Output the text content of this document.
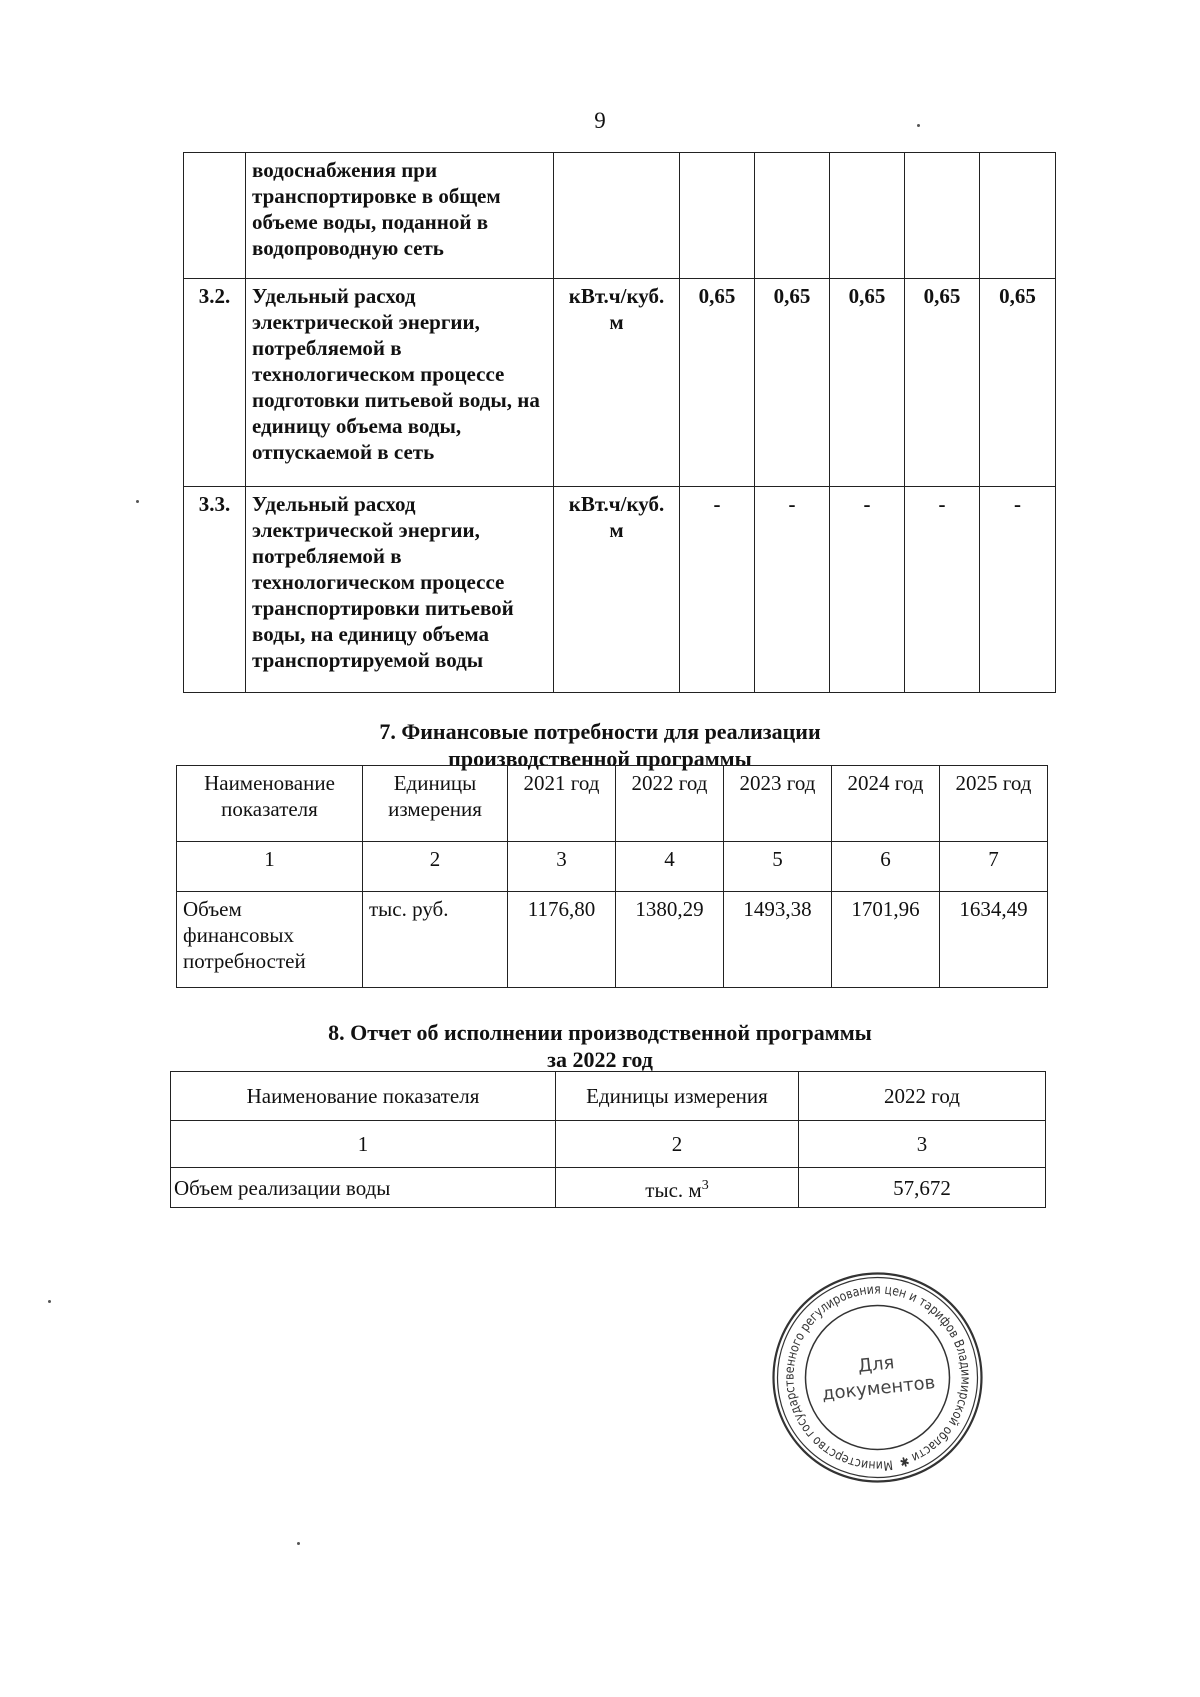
9
	водоснабжения при транспортировке в общем объеме воды, поданной в водопроводную сеть						
3.2.	Удельный расход электрической энергии, потребляемой в технологическом процессе подготовки питьевой воды, на единицу объема воды, отпускаемой в сеть	кВт.ч/куб. м	0,65	0,65	0,65	0,65	0,65
3.3.	Удельный расход электрической энергии, потребляемой в технологическом процессе транспортировки питьевой воды, на единицу объема транспортируемой воды	кВт.ч/куб. м	-	-	-	-	-
7. Финансовые потребности для реализации
производственной программы
Наименование показателя	Единицы измерения	2021 год	2022 год	2023 год	2024 год	2025 год
1	2	3	4	5	6	7
Объем финансовых потребностей	тыс. руб.	1176,80	1380,29	1493,38	1701,96	1634,49
8. Отчет об исполнении производственной программы
за 2022 год
Наименование показателя	Единицы измерения	2022 год
1	2	3
Объем реализации воды	тыс. $м^3$	57,672
Министерство государственного регулирования цен и тарифов Владимирской области ✱
Для
документов
